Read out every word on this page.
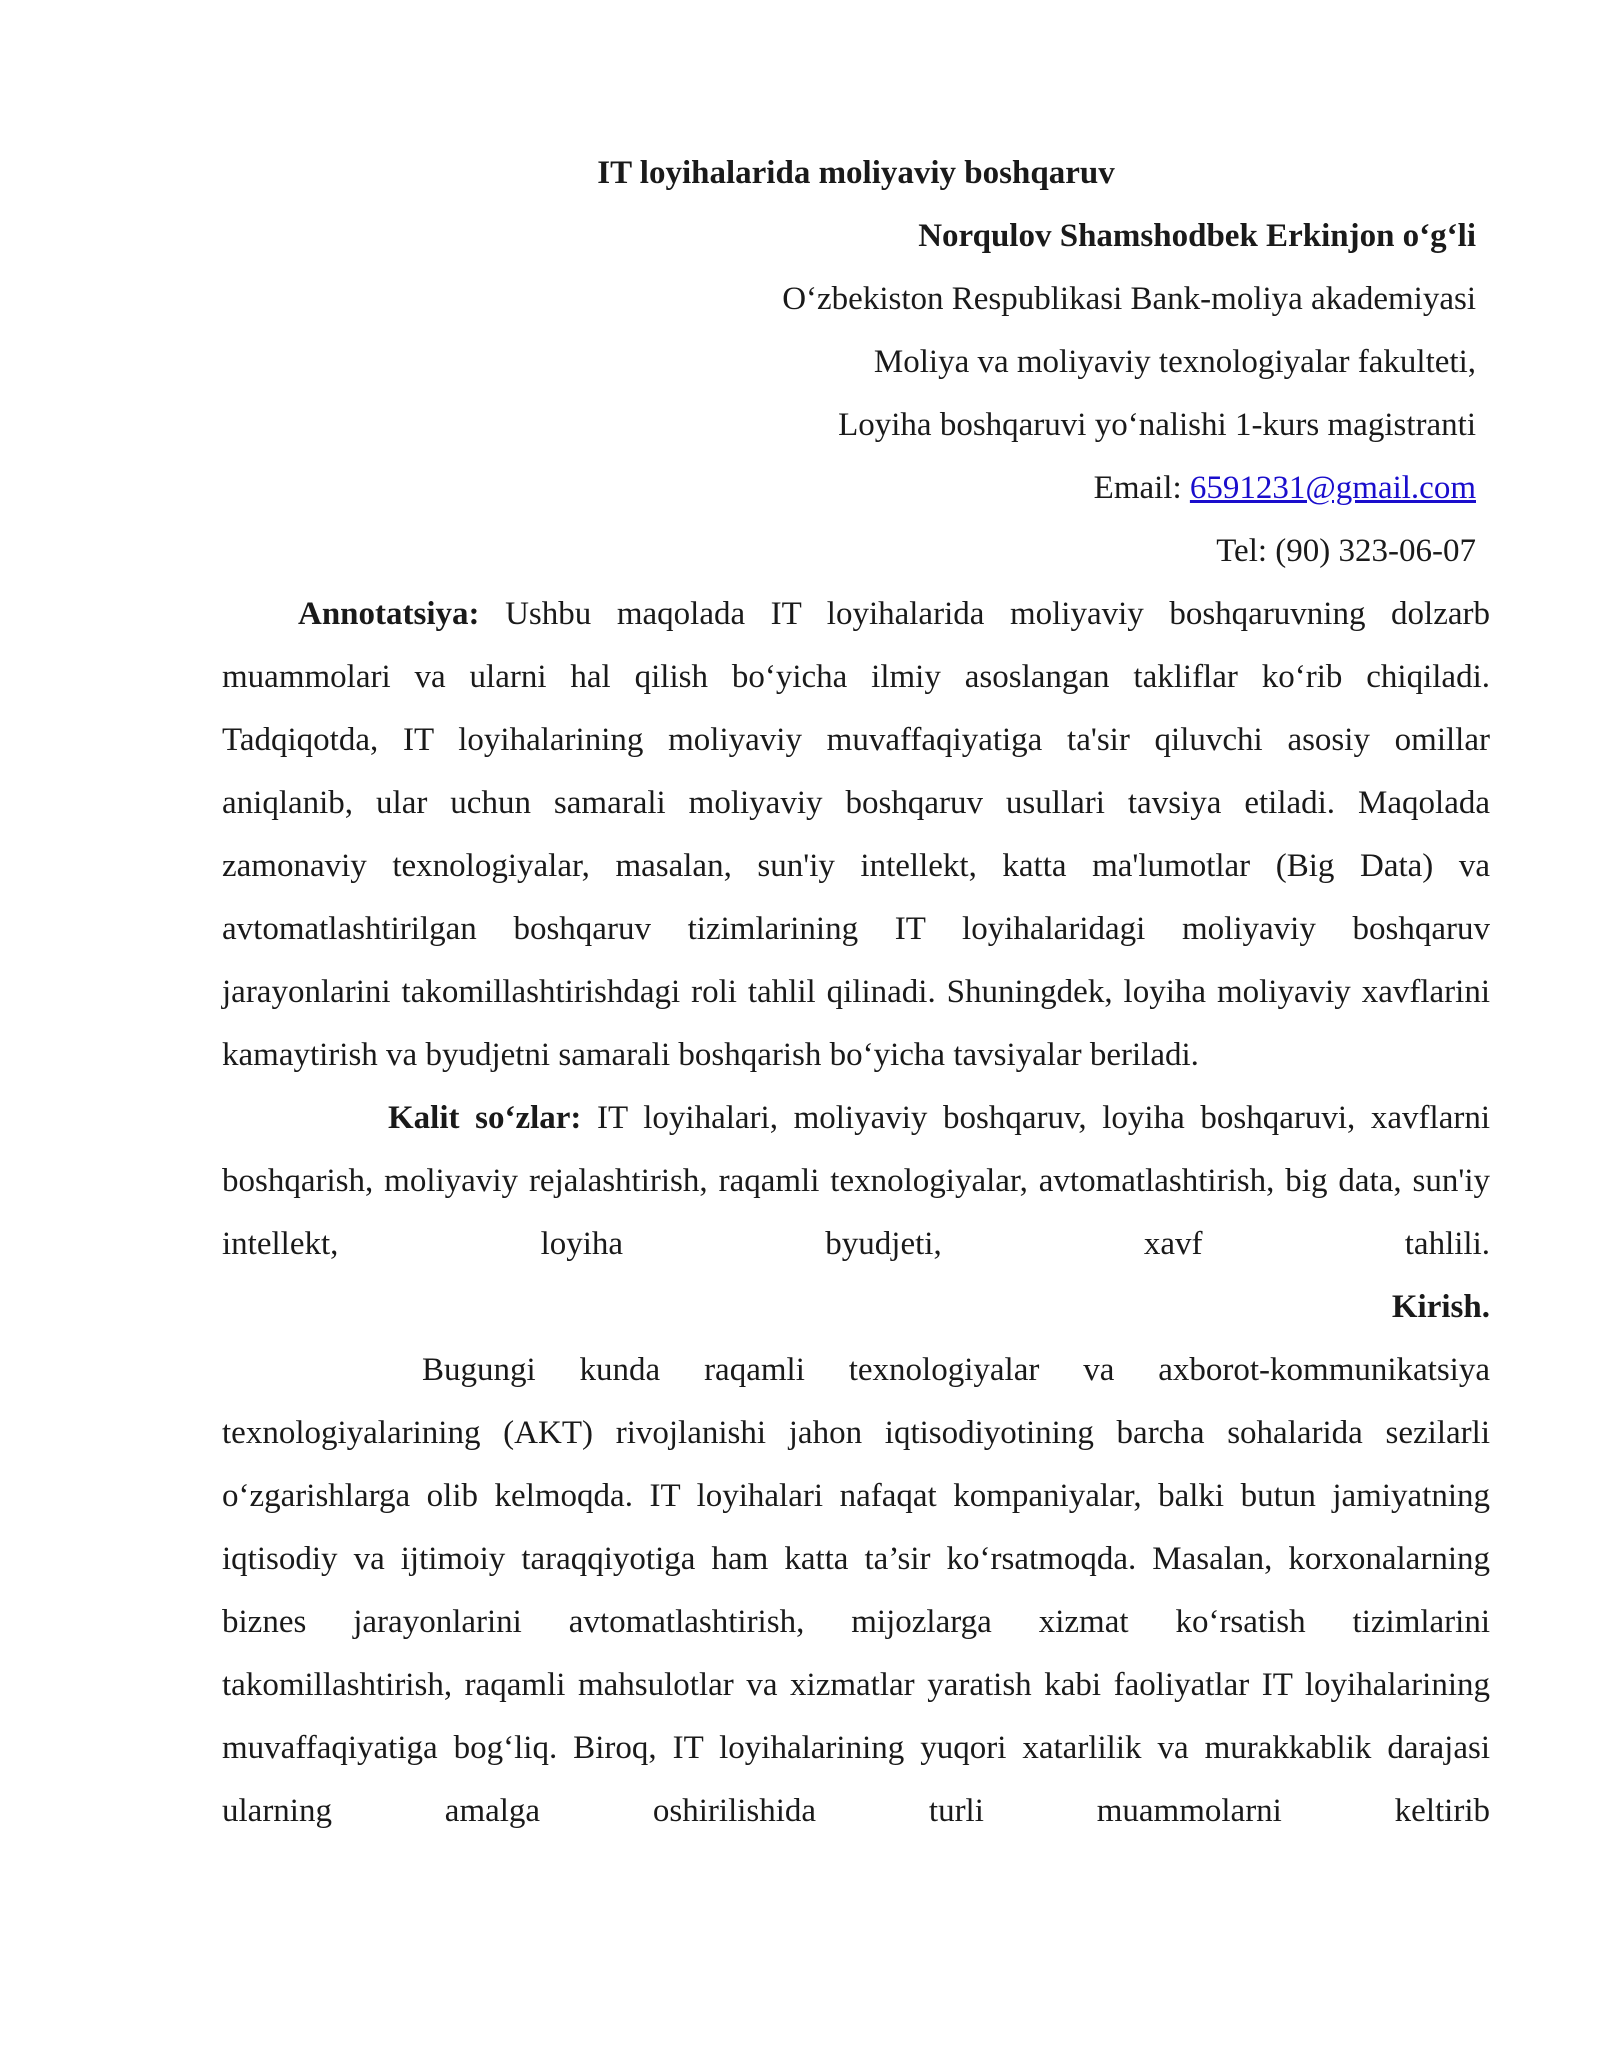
IT loyihalarida moliyaviy boshqaruv

Norqulov Shamshodbek Erkinjon o‘g‘li

O‘zbekiston Respublikasi Bank-moliya akademiyasi

Moliya va moliyaviy texnologiyalar fakulteti,

Loyiha boshqaruvi yo‘nalishi 1-kurs magistranti

Email: 6591231@gmail.com

Tel: (90) 323-06-07

Annotatsiya: Ushbu maqolada IT loyihalarida moliyaviy boshqaruvning dolzarb muammolari va ularni hal qilish bo‘yicha ilmiy asoslangan takliflar ko‘rib chiqiladi. Tadqiqotda, IT loyihalarining moliyaviy muvaffaqiyatiga ta'sir qiluvchi asosiy omillar aniqlanib, ular uchun samarali moliyaviy boshqaruv usullari tavsiya etiladi. Maqolada zamonaviy texnologiyalar, masalan, sun'iy intellekt, katta ma'lumotlar (Big Data) va avtomatlashtirilgan boshqaruv tizimlarining IT loyihalaridagi moliyaviy boshqaruv jarayonlarini takomillashtirishdagi roli tahlil qilinadi. Shuningdek, loyiha moliyaviy xavflarini kamaytirish va byudjetni samarali boshqarish bo‘yicha tavsiyalar beriladi.

Kalit so‘zlar: IT loyihalari, moliyaviy boshqaruv, loyiha boshqaruvi, xavflarni boshqarish, moliyaviy rejalashtirish, raqamli texnologiyalar, avtomatlashtirish, big data, sun'iy intellekt, loyiha byudjeti, xavf tahlili.

Kirish.

Bugungi kunda raqamli texnologiyalar va axborot-kommunikatsiya texnologiyalarining (AKT) rivojlanishi jahon iqtisodiyotining barcha sohalarida sezilarli o‘zgarishlarga olib kelmoqda. IT loyihalari nafaqat kompaniyalar, balki butun jamiyatning iqtisodiy va ijtimoiy taraqqiyotiga ham katta ta’sir ko‘rsatmoqda. Masalan, korxonalarning biznes jarayonlarini avtomatlashtirish, mijozlarga xizmat ko‘rsatish tizimlarini takomillashtirish, raqamli mahsulotlar va xizmatlar yaratish kabi faoliyatlar IT loyihalarining muvaffaqiyatiga bog‘liq. Biroq, IT loyihalarining yuqori xatarlilik va murakkablik darajasi ularning amalga oshirilishida turli muammolarni keltirib
